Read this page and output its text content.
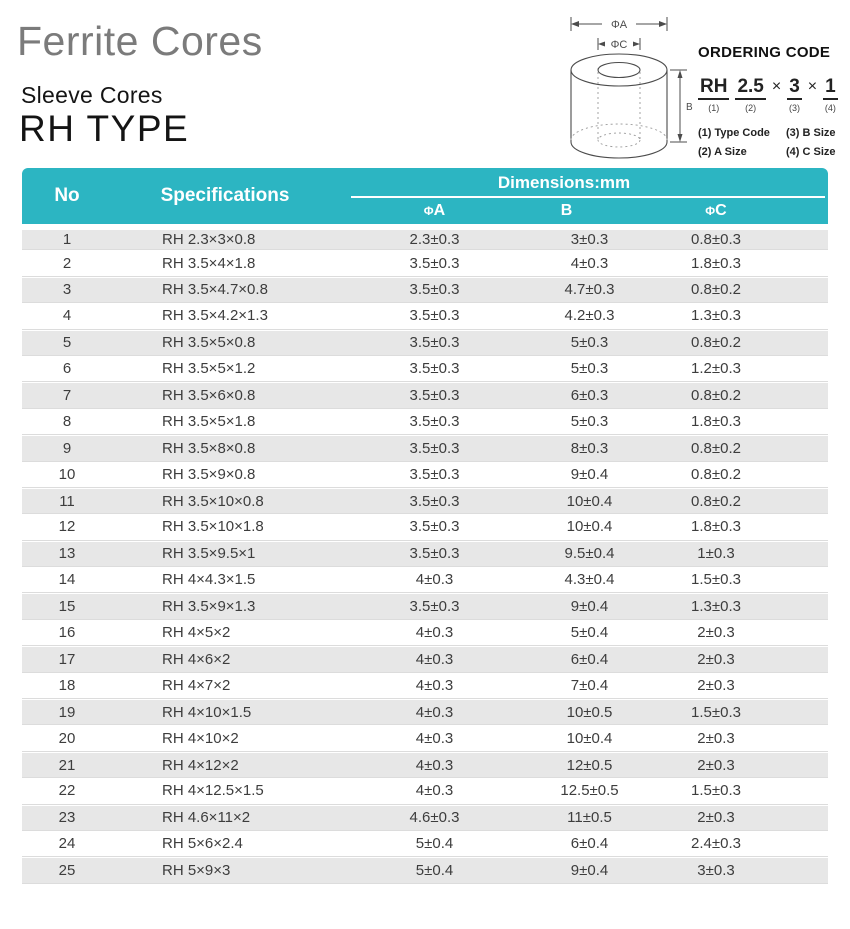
Ferrite Cores
Sleeve Cores
RH TYPE
ΦA
ΦC
B
ORDERING CODE
RH
(1)
2.5
(2)
× 3
(3)
× 1
(4)
(1) Type Code	(3) B Size
(2) A Size	(4) C Size
No	Specifications	Dimensions:mm		

		ΦA	B	ΦC

1	RH 2.3×3×0.8	2.3±0.3	3±0.3	0.8±0.3
2	RH 3.5×4×1.8	3.5±0.3	4±0.3	1.8±0.3
3	RH 3.5×4.7×0.8	3.5±0.3	4.7±0.3	0.8±0.2
4	RH 3.5×4.2×1.3	3.5±0.3	4.2±0.3	1.3±0.3
5	RH 3.5×5×0.8	3.5±0.3	5±0.3	0.8±0.2
6	RH 3.5×5×1.2	3.5±0.3	5±0.3	1.2±0.3
7	RH 3.5×6×0.8	3.5±0.3	6±0.3	0.8±0.2
8	RH 3.5×5×1.8	3.5±0.3	5±0.3	1.8±0.3
9	RH 3.5×8×0.8	3.5±0.3	8±0.3	0.8±0.2
10	RH 3.5×9×0.8	3.5±0.3	9±0.4	0.8±0.2
11	RH 3.5×10×0.8	3.5±0.3	10±0.4	0.8±0.2
12	RH 3.5×10×1.8	3.5±0.3	10±0.4	1.8±0.3
13	RH 3.5×9.5×1	3.5±0.3	9.5±0.4	1±0.3
14	RH 4×4.3×1.5	4±0.3	4.3±0.4	1.5±0.3
15	RH 3.5×9×1.3	3.5±0.3	9±0.4	1.3±0.3
16	RH 4×5×2	4±0.3	5±0.4	2±0.3
17	RH 4×6×2	4±0.3	6±0.4	2±0.3
18	RH 4×7×2	4±0.3	7±0.4	2±0.3
19	RH 4×10×1.5	4±0.3	10±0.5	1.5±0.3
20	RH 4×10×2	4±0.3	10±0.4	2±0.3
21	RH 4×12×2	4±0.3	12±0.5	2±0.3
22	RH 4×12.5×1.5	4±0.3	12.5±0.5	1.5±0.3
23	RH 4.6×11×2	4.6±0.3	11±0.5	2±0.3
24	RH 5×6×2.4	5±0.4	6±0.4	2.4±0.3
25	RH 5×9×3	5±0.4	9±0.4	3±0.3
